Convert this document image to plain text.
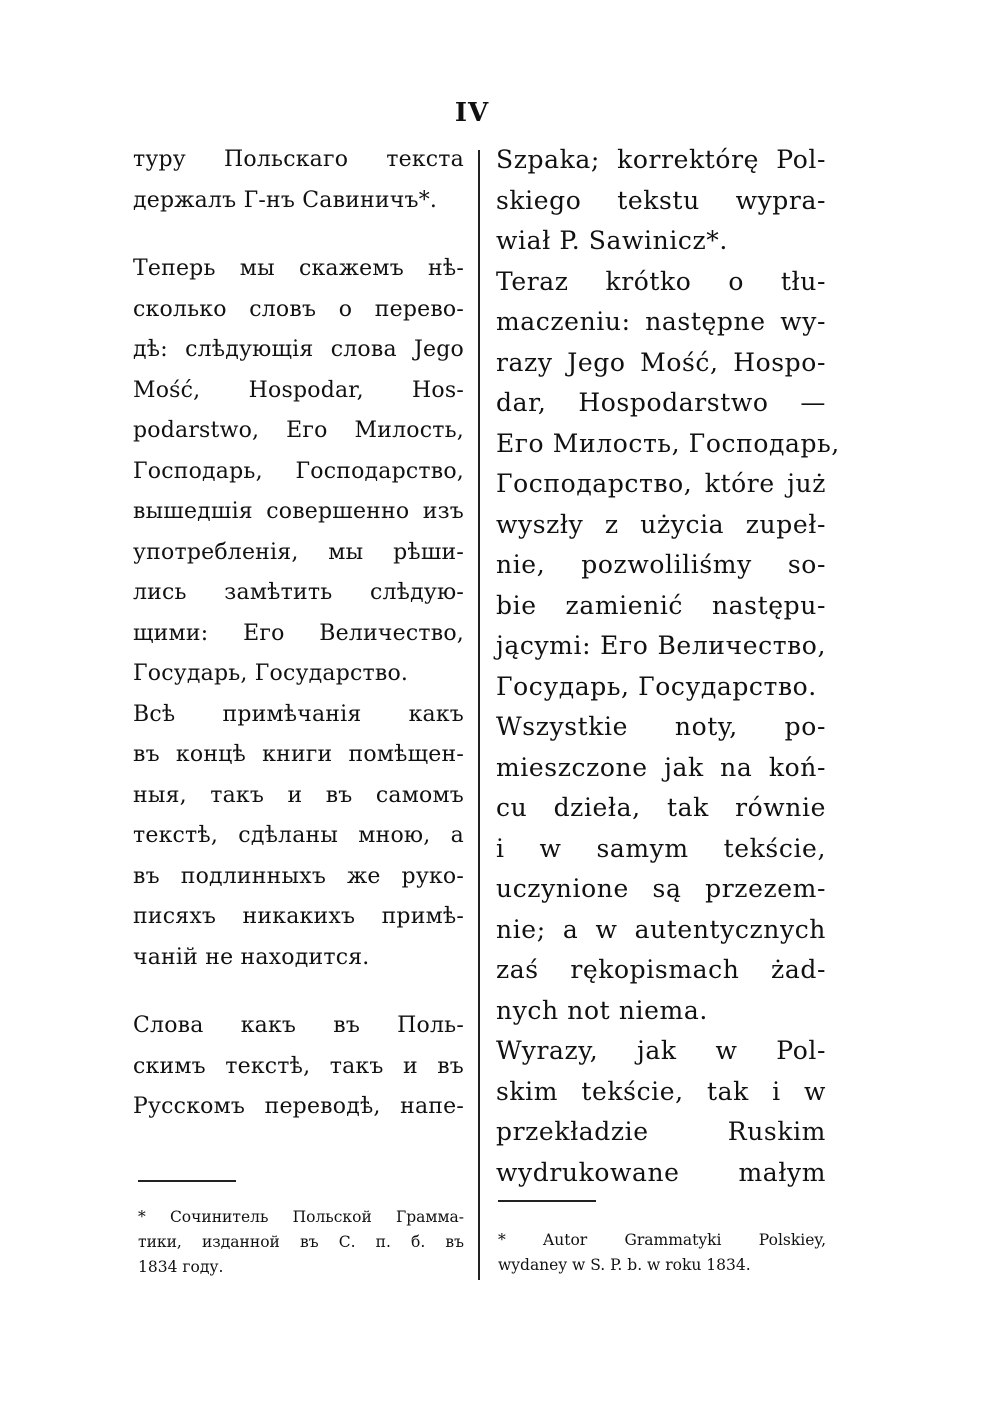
IV
туру Польскаго текста
держалъ Г-нъ Савиничъ*.
Теперь мы скажемъ нѣ-
сколько словъ о перево-
дѣ: слѣдующія слова Jego
Mość, Hospodar, Hos-
podarstwo, Его Милость,
Господарь, Господарство,
вышедшія совершенно изъ
употребленія, мы рѣши-
лись замѣтить слѣдую-
щими: Его Величество,
Государь, Государство.
Всѣ примѣчанія какъ
въ концѣ книги помѣщен-
ныя, такъ и въ самомъ
текстѣ, сдѣланы мною, а
въ подлинныхъ же руко-
писяхъ никакихъ примѣ-
чаній не находится.
Слова какъ въ Поль-
скимъ текстѣ, такъ и въ
Русскомъ переводѣ, напе-
* Сочинитель Польской Грамма-
тики, изданной въ С. п. б. въ
1834 году.
Szpaka; korrektórę Pol-
skiego tekstu wypra-
wiał P. Sawinicz*.
Teraz krótko o tłu-
maczeniu: następne wy-
razy Jego Mość, Hospo-
dar, Hospodarstwo —
Его Милость, Господарь,
Господарство, które już
wyszły z użycia zupeł-
nie, pozwoliliśmy so-
bie zamienić następu-
jącymi: Его Величество,
Государь, Государство.
Wszystkie noty, po-
mieszczone jak na koń-
cu dzieła, tak równie
i w samym tekście,
uczynione są przezem-
nie; a w autentycznych
zaś rękopismach żad-
nych not niema.
Wyrazy, jak w Pol-
skim tekście, tak i w
przekładzie Ruskim
wydrukowane małym
* Autor Grammatyki Polskiey,
wydaney w S. P. b. w roku 1834.
